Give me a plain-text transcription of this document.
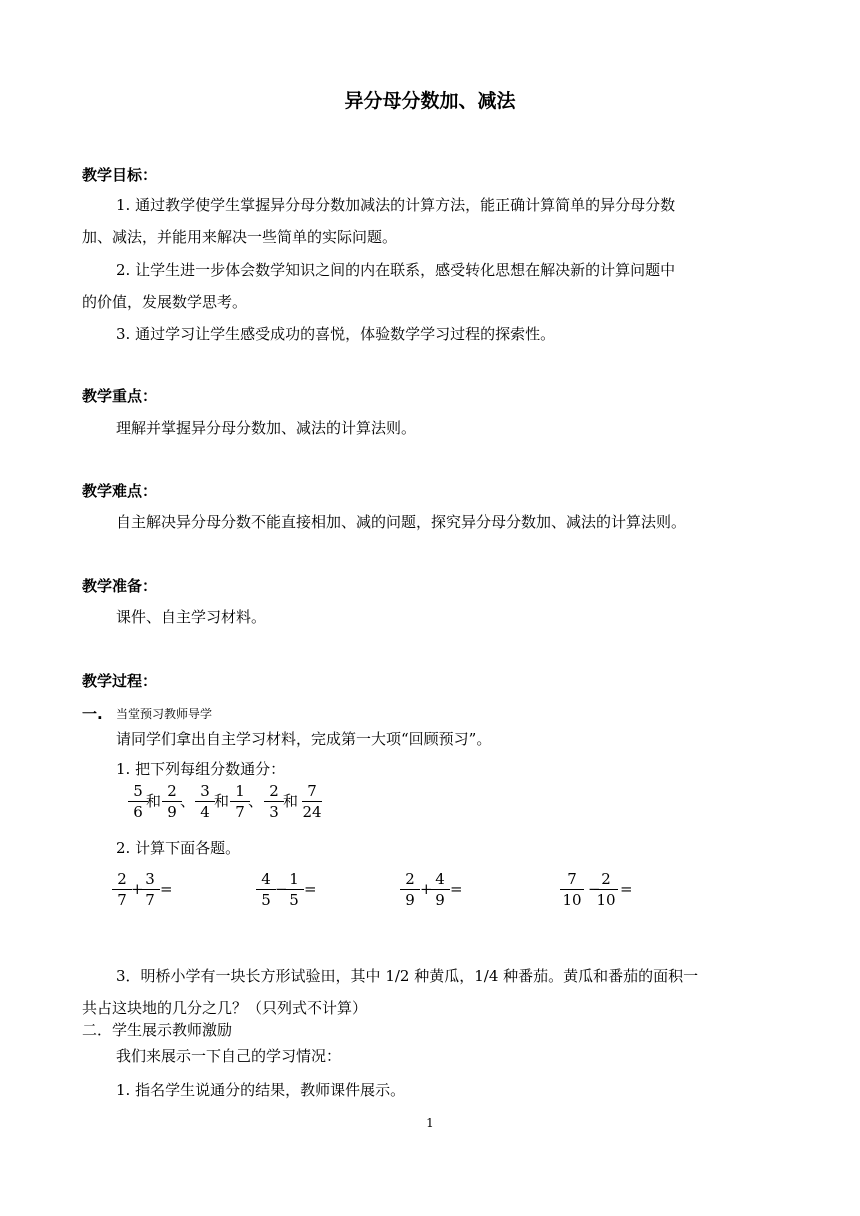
异分母分数加、减法
教学目标：
1. 通过教学使学生掌握异分母分数加减法的计算方法，能正确计算简单的异分母分数
加、减法，并能用来解决一些简单的实际问题。
2. 让学生进一步体会数学知识之间的内在联系，感受转化思想在解决新的计算问题中
的价值，发展数学思考。
3. 通过学习让学生感受成功的喜悦，体验数学学习过程的探索性。
教学重点：
理解并掌握异分母分数加、减法的计算法则。
教学难点：
自主解决异分母分数不能直接相加、减的问题，探究异分母分数加、减法的计算法则。
教学准备：
课件、自主学习材料。
教学过程：
一. 当堂预习教师导学
请同学们拿出自主学习材料，完成第一大项“回顾预习”。
1. 把下列每组分数通分：
5
6
和
2
9
、
3
4
和
1
7
、
2
3
和
7
24
2. 计算下面各题。
2
7
+
3
7
=
4
5
−
1
5
=
2
9
+
4
9
=
7
10
−
2
10
=
3．明桥小学有一块长方形试验田，其中 1/2 种黄瓜，1/4 种番茄。黄瓜和番茄的面积一
共占这块地的几分之几？（只列式不计算）
二．学生展示教师激励
我们来展示一下自己的学习情况：
1. 指名学生说通分的结果，教师课件展示。
1
